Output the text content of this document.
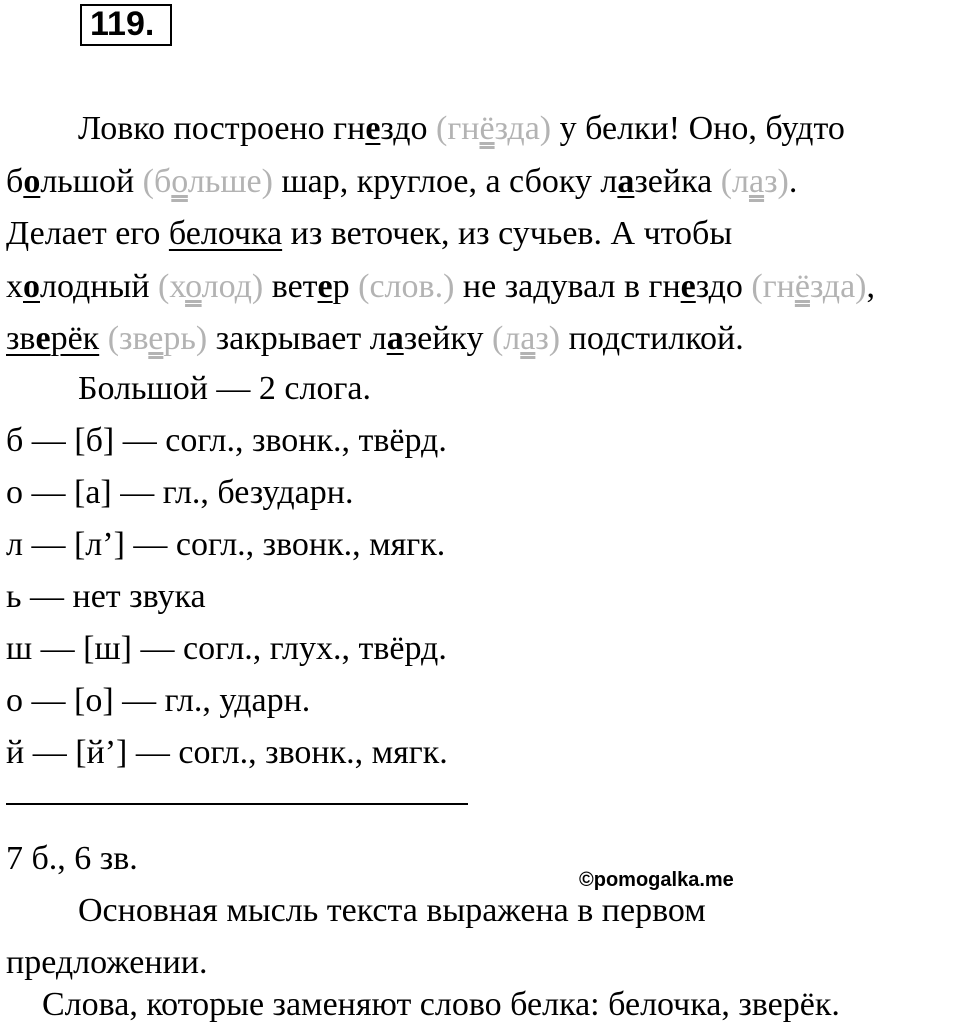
119.
Ловко построено гнездо (гнёзда) у белки! Оно, будто
большой (больше) шар, круглое, а сбоку лазейка (лаз).
Делает его белочка из веточек, из сучьев. А чтобы
холодный (холод) ветер (слов.) не задувал в гнездо (гнёзда),
зверёк (зверь) закрывает лазейку (лаз) подстилкой.
Большой — 2 слога.
б — [б] — согл., звонк., твёрд.
о — [а] — гл., безударн.
л — [л’] — согл., звонк., мягк.
ь — нет звука
ш — [ш] — согл., глух., твёрд.
о — [о] — гл., ударн.
й — [й’] — согл., звонк., мягк.
7 б., 6 зв.
©pomogalka.me
Основная мысль текста выражена в первом
предложении.
Слова, которые заменяют слово белка: белочка, зверёк.
